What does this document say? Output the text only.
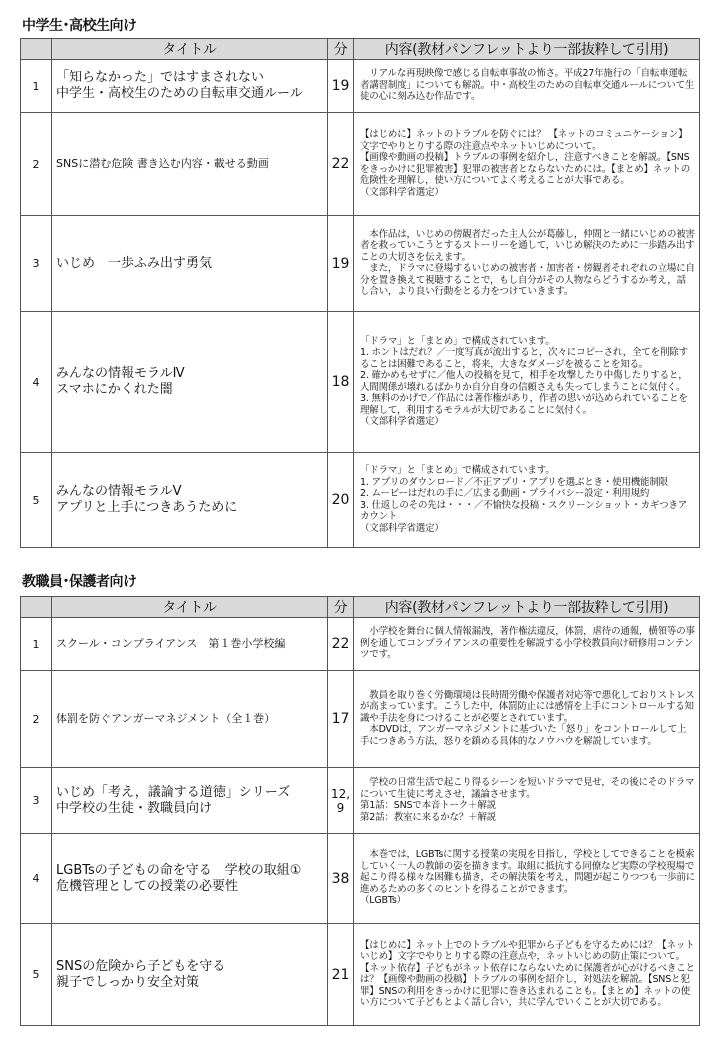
中学生･高校生向け
	タイトル	分	内容(教材パンフレットより一部抜粋して引用)
1	「知らなかった」ではすまされない
中学生・高校生のための自転車交通ルール	19	　リアルな再現映像で感じる自転車事故の怖さ。平成27年施行の「自転車運転者講習制度」についても解説。中・高校生のための自転車交通ルールについて生徒の心に刻み込む作品です。
2	SNSに潜む危険 書き込む内容・載せる動画	22	【はじめに】ネットのトラブルを防ぐには？ 【ネットのコミュニケーション】文字でやりとりする際の注意点やネットいじめについて。
【画像や動画の投稿】トラブルの事例を紹介し，注意すべきことを解説。【SNSをきっかけに犯罪被害】犯罪の被害者とならないためには。【まとめ】ネットの危険性を理解し，使い方についてよく考えることが大事である。
（文部科学省選定）
3	いじめ　一歩ふみ出す勇気	19	　本作品は，いじめの傍観者だった主人公が葛藤し，仲間と一緒にいじめの被害者を救っていこうとするストーリーを通して，いじめ解決のために一歩踏み出すことの大切さを伝えます。
　また，ドラマに登場するいじめの被害者・加害者・傍観者それぞれの立場に自分を置き換えて視聴することで，もし自分がその人物ならどうするか考え，話し合い，より良い行動をとる力をつけていきます。
4	みんなの情報モラルⅣ
スマホにかくれた闇	18	「ドラマ」と「まとめ」で構成されています。
1. ホントはだれ？／一度写真が流出すると，次々にコピーされ，全てを削除することは困難であること，将来，大きなダメージを被ることを知る。
2. 確かめもせずに／他人の投稿を見て，相手を攻撃したり中傷したりすると，人間関係が壊れるばかりか自分自身の信頼さえも失ってしまうことに気付く。
3. 無料のかげで／作品には著作権があり，作者の思いが込められていることを理解して，利用するモラルが大切であることに気付く。
（文部科学省選定）
5	みんなの情報モラルⅤ
アプリと上手につきあうために	20	「ドラマ」と「まとめ」で構成されています。
1. アプリのダウンロード／不正アプリ・アプリを選ぶとき・使用機能制限
2. ムービーはだれの手に／広まる動画・プライバシー設定・利用規約
3. 仕返しのその先は・・・／不愉快な投稿・スクリーンショット・カギつきアカウント
（文部科学省選定）
教職員･保護者向け
	タイトル	分	内容(教材パンフレットより一部抜粋して引用)
1	スクール・コンプライアンス　第１巻小学校編	22	　小学校を舞台に個人情報漏洩，著作権法違反，体罰，虐待の通報，横領等の事例を通してコンプライアンスの重要性を解説する小学校教員向け研修用コンテンツです。
2	体罰を防ぐアンガーマネジメント（全１巻）	17	　教員を取り巻く労働環境は長時間労働や保護者対応等で悪化しておりストレスが高まっています。こうした中，体罰防止には感情を上手にコントロールする知識や手法を身につけることが必要とされています。
　本DVDは，アンガーマネジメントに基づいた「怒り」をコントロールして上手につきあう方法，怒りを鎮める具体的なノウハウを解説しています。
3	いじめ「考え，議論する道徳」シリーズ
中学校の生徒・教職員向け	12, 9	　学校の日常生活で起こり得るシーンを短いドラマで見せ，その後にそのドラマについて生徒に考えさせ，議論させます。
第1話：SNSで本音トーク＋解説
第2話：教室に来るかな？＋解説
4	LGBTsの子どもの命を守る　学校の取組①
危機管理としての授業の必要性	38	　本巻では，LGBTsに関する授業の実現を目指し，学校としてできることを模索していく一人の教師の姿を描きます。取組に抵抗する同僚など実際の学校現場で起こり得る様々な困難も描き，その解決策を考え，問題が起こりつつも一歩前に進めるための多くのヒントを得ることができます。
（LGBTs）
5	SNSの危険から子どもを守る
親子でしっかり安全対策	21	【はじめに】ネット上でのトラブルや犯罪から子どもを守るためには？【ネットいじめ】文字でやりとりする際の注意点や，ネットいじめの防止策について。【ネット依存】子どもがネット依存にならないために保護者が心がけるべきことは？【画像や動画の投稿】トラブルの事例を紹介し，対処法を解説。【SNSと犯罪】SNSの利用をきっかけに犯罪に巻き込まれることも。【まとめ】ネットの使い方について子どもとよく話し合い，共に学んでいくことが大切である。
